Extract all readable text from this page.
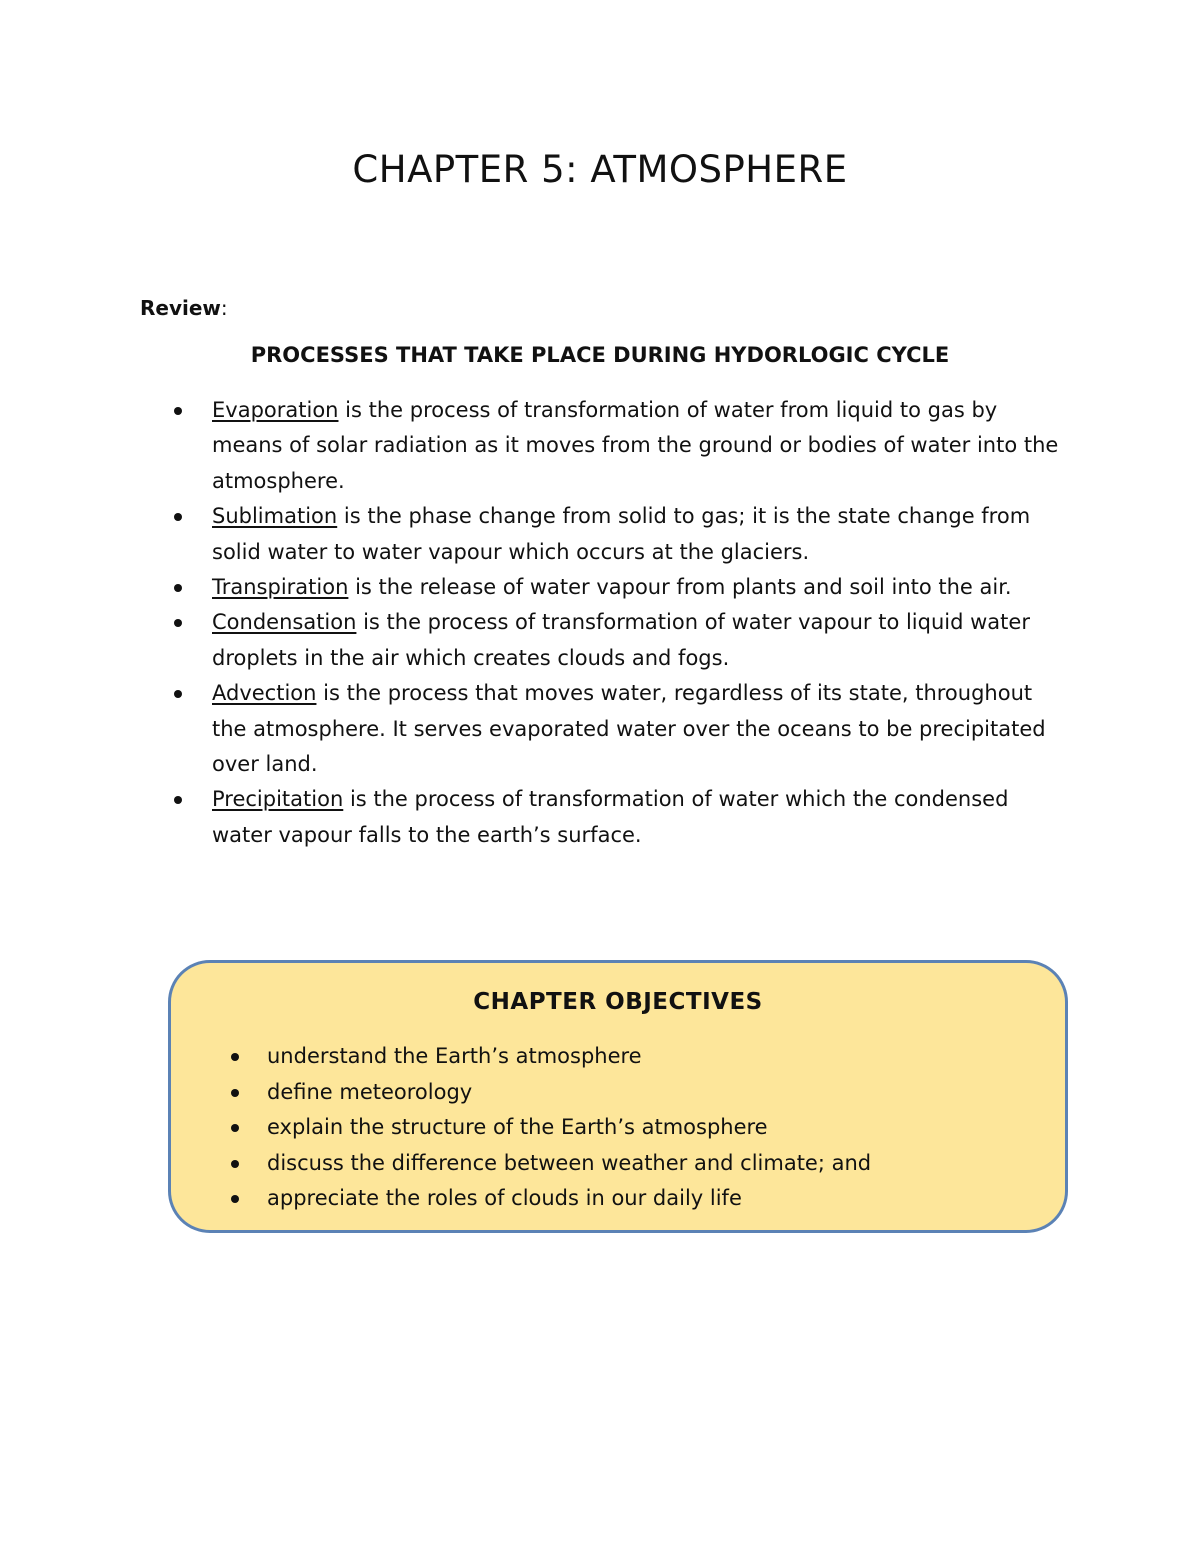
CHAPTER 5: ATMOSPHERE

Review:

PROCESSES THAT TAKE PLACE DURING HYDORLOGIC CYCLE
Evaporation is the process of transformation of water from liquid to gas by means of solar radiation as it moves from the ground or bodies of water into the atmosphere.
Sublimation is the phase change from solid to gas; it is the state change from solid water to water vapour which occurs at the glaciers.
Transpiration is the release of water vapour from plants and soil into the air.
Condensation is the process of transformation of water vapour to liquid water droplets in the air which creates clouds and fogs.
Advection is the process that moves water, regardless of its state, throughout the atmosphere. It serves evaporated water over the oceans to be precipitated over land.
Precipitation is the process of transformation of water which the condensed water vapour falls to the earth’s surface.
CHAPTER OBJECTIVES
understand the Earth’s atmosphere
define meteorology
explain the structure of the Earth’s atmosphere
discuss the difference between weather and climate; and
appreciate the roles of clouds in our daily life
